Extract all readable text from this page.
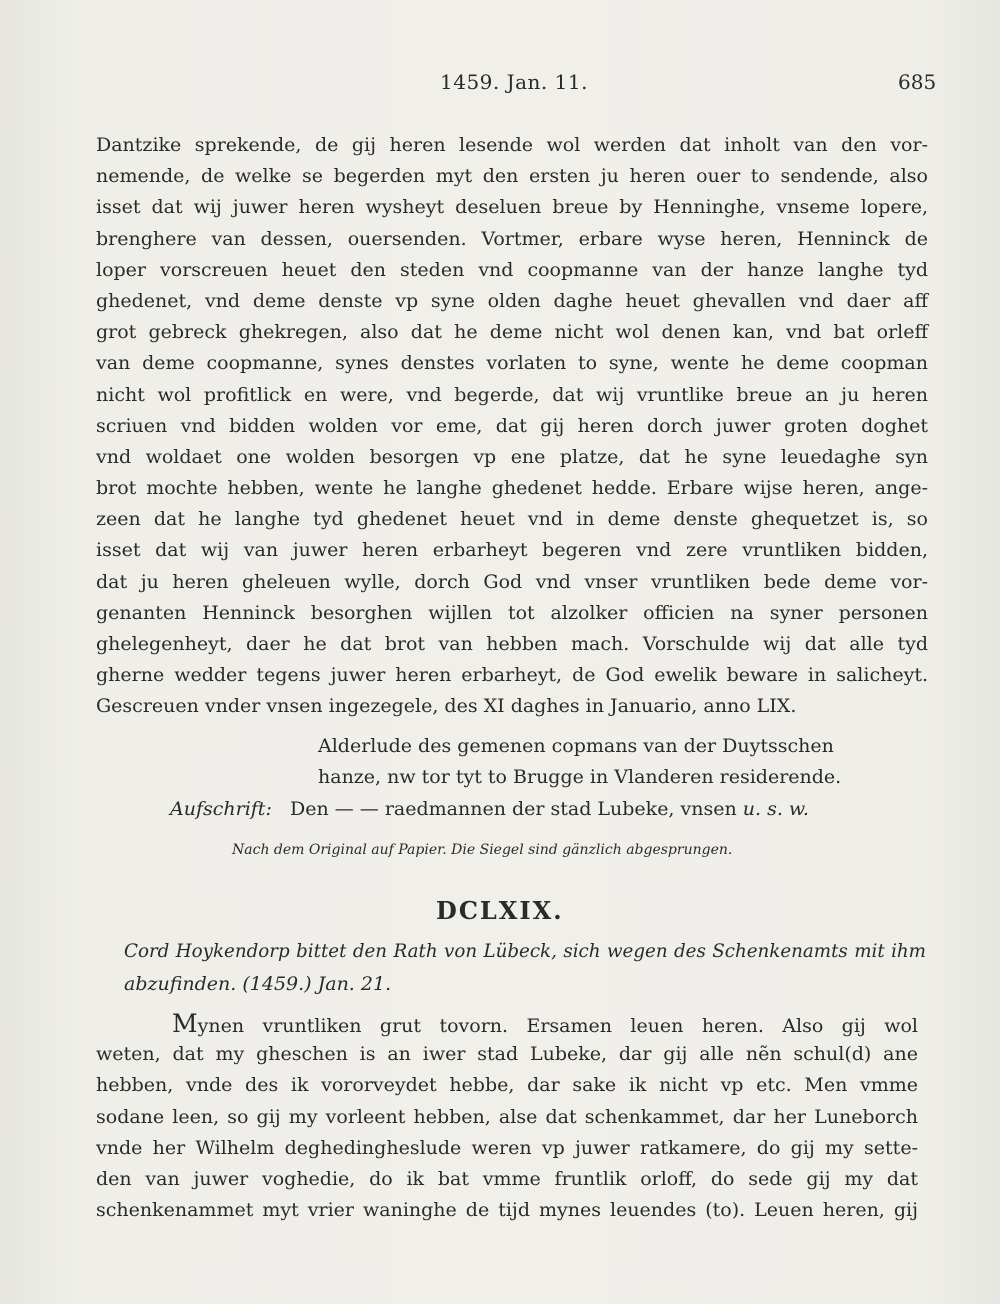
1459. Jan. 11.	685
Dantzike sprekende, de gij heren lesende wol werden dat inholt van den vor-
nemende, de welke se begerden myt den ersten ju heren ouer to sendende, also
isset dat wij juwer heren wysheyt deseluen breue by Henninghe, vnseme lopere,
brenghere van dessen, ouersenden. Vortmer, erbare wyse heren, Henninck de
loper vorscreuen heuet den steden vnd coopmanne van der hanze langhe tyd
ghedenet, vnd deme denste vp syne olden daghe heuet ghevallen vnd daer aff
grot gebreck ghekregen, also dat he deme nicht wol denen kan, vnd bat orleff
van deme coopmanne, synes denstes vorlaten to syne, wente he deme coopman
nicht wol profitlick en were, vnd begerde, dat wij vruntlike breue an ju heren
scriuen vnd bidden wolden vor eme, dat gij heren dorch juwer groten doghet
vnd woldaet one wolden besorgen vp ene platze, dat he syne leuedaghe syn
brot mochte hebben, wente he langhe ghedenet hedde. Erbare wijse heren, ange-
zeen dat he langhe tyd ghedenet heuet vnd in deme denste ghequetzet is, so
isset dat wij van juwer heren erbarheyt begeren vnd zere vruntliken bidden,
dat ju heren gheleuen wylle, dorch God vnd vnser vruntliken bede deme vor-
genanten Henninck besorghen wijllen tot alzolker officien na syner personen
ghelegenheyt, daer he dat brot van hebben mach. Vorschulde wij dat alle tyd
gherne wedder tegens juwer heren erbarheyt, de God ewelik beware in salicheyt.
Gescreuen vnder vnsen ingezegele, des XI daghes in Januario, anno LIX.
Alderlude des gemenen copmans van der Duytsschen
hanze, nw tor tyt to Brugge in Vlanderen residerende.
Aufschrift: Den — — raedmannen der stad Lubeke, vnsen u. s. w.
Nach dem Original auf Papier. Die Siegel sind gänzlich abgesprungen.
DCLXIX.
Cord Hoykendorp bittet den Rath von Lübeck, sich wegen des Schenkenamts mit ihm
abzufinden. (1459.) Jan. 21.
Mynen vruntliken grut tovorn. Ersamen leuen heren. Also gij wol
weten, dat my gheschen is an iwer stad Lubeke, dar gij alle nẽn schul(d) ane
hebben, vnde des ik vororveydet hebbe, dar sake ik nicht vp etc. Men vmme
sodane leen, so gij my vorleent hebben, alse dat schenkammet, dar her Luneborch
vnde her Wilhelm deghedingheslude weren vp juwer ratkamere, do gij my sette-
den van juwer voghedie, do ik bat vmme fruntlik orloff, do sede gij my dat
schenkenammet myt vrier waninghe de tijd mynes leuendes (to). Leuen heren, gij
